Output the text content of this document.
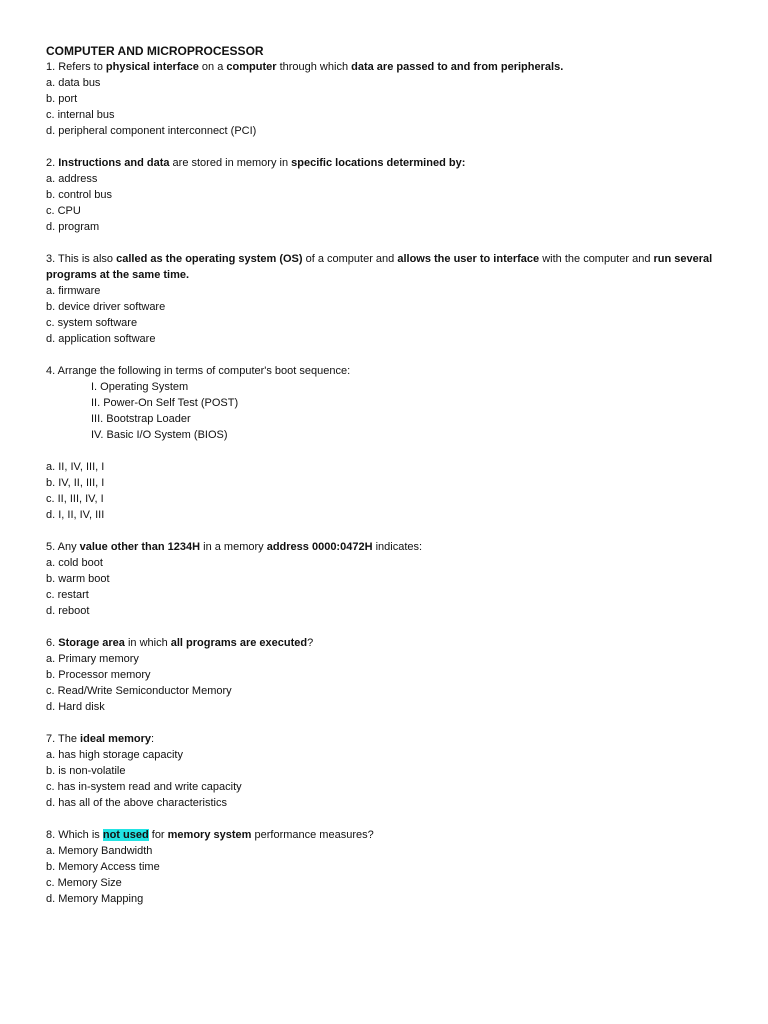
COMPUTER AND MICROPROCESSOR
1. Refers to physical interface on a computer through which data are passed to and from peripherals.
a. data bus
b. port
c. internal bus
d. peripheral component interconnect (PCI)
2. Instructions and data are stored in memory in specific locations determined by:
a. address
b. control bus
c. CPU
d. program
3. This is also called as the operating system (OS) of a computer and allows the user to interface with the computer and run several programs at the same time.
a. firmware
b. device driver software
c. system software
d. application software
4. Arrange the following in terms of computer's boot sequence:
I. Operating System
II. Power-On Self Test (POST)
III. Bootstrap Loader
IV. Basic I/O System (BIOS)
a. II, IV, III, I
b. IV, II, III, I
c. II, III, IV, I
d. I, II, IV, III
5. Any value other than 1234H in a memory address 0000:0472H indicates:
a. cold boot
b. warm boot
c. restart
d. reboot
6. Storage area in which all programs are executed?
a. Primary memory
b. Processor memory
c. Read/Write Semiconductor Memory
d. Hard disk
7. The ideal memory:
a. has high storage capacity
b. is non-volatile
c. has in-system read and write capacity
d. has all of the above characteristics
8. Which is not used for memory system performance measures?
a. Memory Bandwidth
b. Memory Access time
c. Memory Size
d. Memory Mapping
